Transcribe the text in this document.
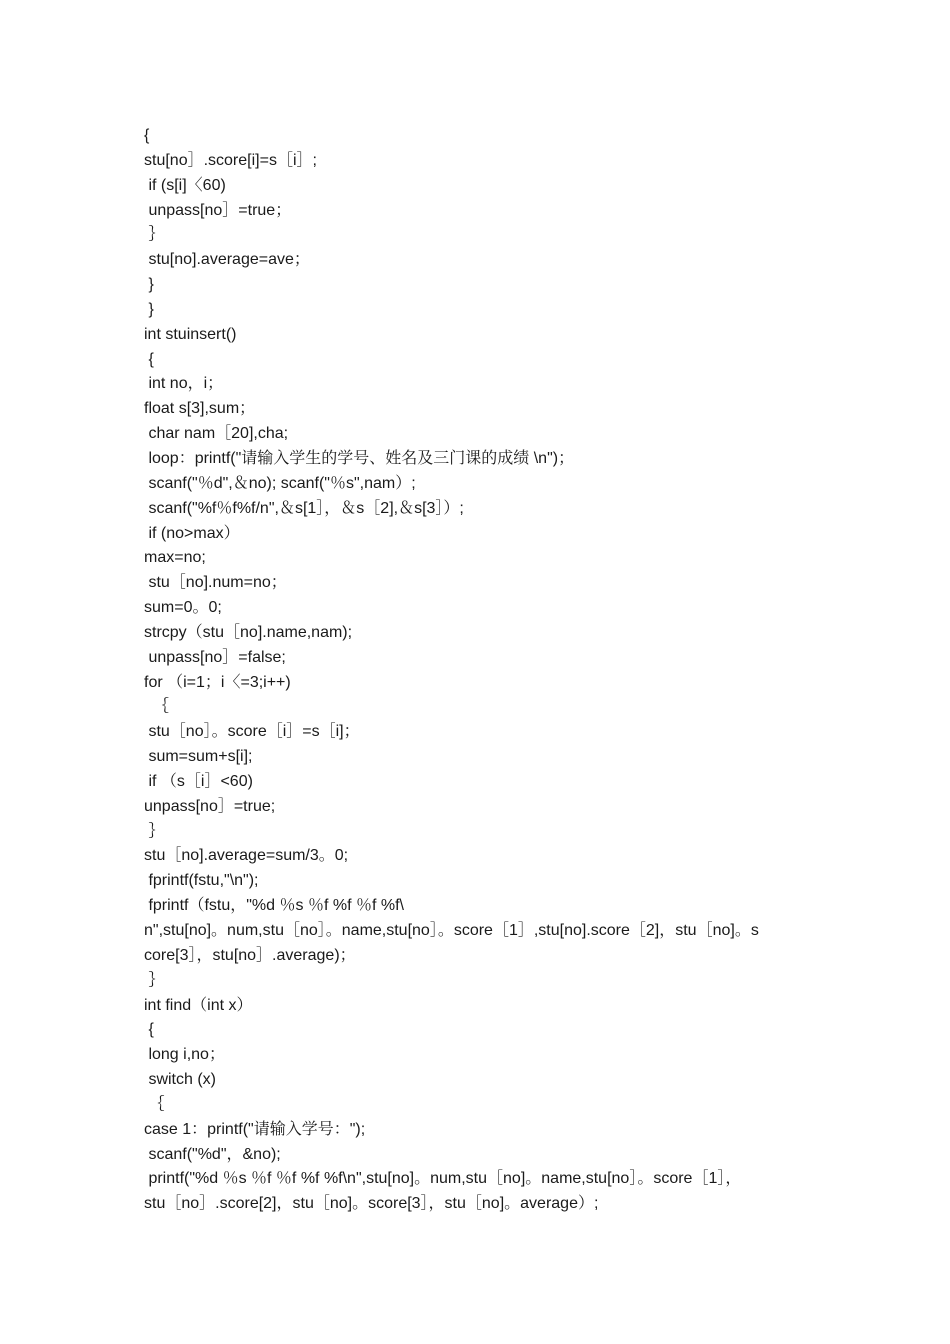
{
stu[no］.score[i]=s［i］;
if (s[i]〈60)
unpass[no］=true；
｝
stu[no].average=ave；
}
}
int stuinsert()
{
int no，i；
float s[3],sum；
char nam［20],cha;
loop：printf("请输入学生的学号、姓名及三门课的成绩 \n")；
scanf("％d",＆no); scanf("％s",nam）;
scanf("%f％f%f/n",＆s[1］，＆s［2],＆s[3］）;
if (no>max）
max=no;
stu［no].num=no；
sum=0。0;
strcpy（stu［no].name,nam);
unpass[no］=false;
for （i=1；i〈=3;i++)
｛
stu［no］。score［i］=s［i]；
sum=sum+s[i];
if （s［i］<60)
unpass[no］=true;
｝
stu［no].average=sum/3。0;
fprintf(fstu,"\n");
fprintf（fstu，"%d ％s ％f %f ％f %f\
n",stu[no]。num,stu［no］。name,stu[no］。score［1］,stu[no].score［2]，stu［no]。s
core[3］，stu[no］.average)；
｝
int find（int x）
{
long i,no；
switch (x)
｛
case 1：printf("请输入学号：");
scanf("%d"，&no);
printf("%d ％s ％f ％f %f %f\n",stu[no]。num,stu［no]。name,stu[no］。score［1］，
stu［no］.score[2]，stu［no]。score[3］，stu［no]。average）;
